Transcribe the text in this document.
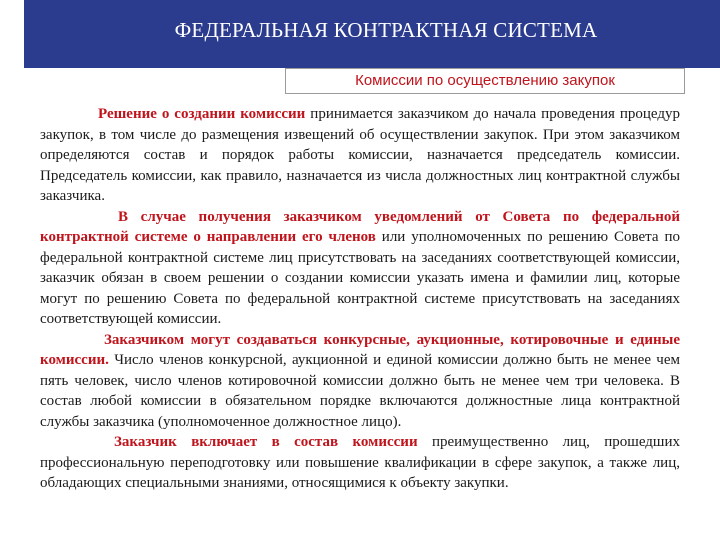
ФЕДЕРАЛЬНАЯ КОНТРАКТНАЯ СИСТЕМА
Комиссии по осуществлению закупок

Решение о создании комиссии принимается заказчиком до начала проведения процедур закупок, в том числе до размещения извещений об осуществлении закупок. При этом заказчиком определяются состав и порядок работы комиссии, назначается председатель комиссии. Председатель комиссии, как правило, назначается из числа должностных лиц контрактной службы заказчика.

В случае получения заказчиком уведомлений от Совета по федеральной контрактной системе о направлении его членов или уполномоченных по решению Совета по федеральной контрактной системе лиц присутствовать на заседаниях соответствующей комиссии, заказчик обязан в своем решении о создании комиссии указать имена и фамилии лиц, которые могут по решению Совета по федеральной контрактной системе присутствовать на заседаниях соответствующей комиссии.

Заказчиком могут создаваться конкурсные, аукционные, котировочные и единые комиссии. Число членов конкурсной, аукционной и единой комиссии должно быть не менее чем пять человек, число членов котировочной комиссии должно быть не менее чем три человека. В состав любой комиссии в обязательном порядке включаются должностные лица контрактной службы заказчика (уполномоченное должностное лицо).

Заказчик включает в состав комиссии преимущественно лиц, прошедших профессиональную переподготовку или повышение квалификации в сфере закупок, а также лиц, обладающих специальными знаниями, относящимися к объекту закупки.
